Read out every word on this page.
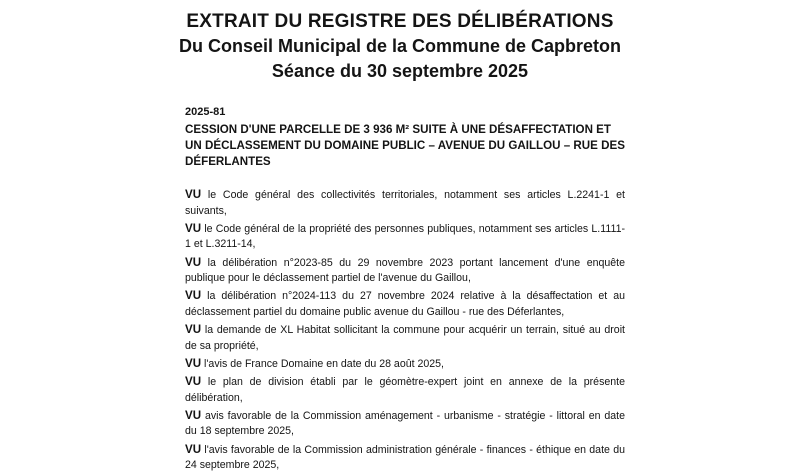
EXTRAIT DU REGISTRE DES DÉLIBÉRATIONS
Du Conseil Municipal de la Commune de Capbreton
Séance du 30 septembre 2025
2025-81
CESSION D'UNE PARCELLE DE 3 936 M² SUITE À UNE DÉSAFFECTATION ET UN DÉCLASSEMENT DU DOMAINE PUBLIC – AVENUE DU GAILLOU – RUE DES DÉFERLANTES

VU le Code général des collectivités territoriales, notamment ses articles L.2241-1 et suivants,

VU le Code général de la propriété des personnes publiques, notamment ses articles L.1111-1 et L.3211-14,

VU la délibération n°2023-85 du 29 novembre 2023 portant lancement d'une enquête publique pour le déclassement partiel de l'avenue du Gaillou,

VU la délibération n°2024-113 du 27 novembre 2024 relative à la désaffectation et au déclassement partiel du domaine public avenue du Gaillou - rue des Déferlantes,

VU la demande de XL Habitat sollicitant la commune pour acquérir un terrain, situé au droit de sa propriété,

VU l'avis de France Domaine en date du 28 août 2025,

VU le plan de division établi par le géomètre-expert joint en annexe de la présente délibération,

VU avis favorable de la Commission aménagement - urbanisme - stratégie - littoral en date du 18 septembre 2025,

VU l'avis favorable de la Commission administration générale - finances - éthique en date du 24 septembre 2025,
